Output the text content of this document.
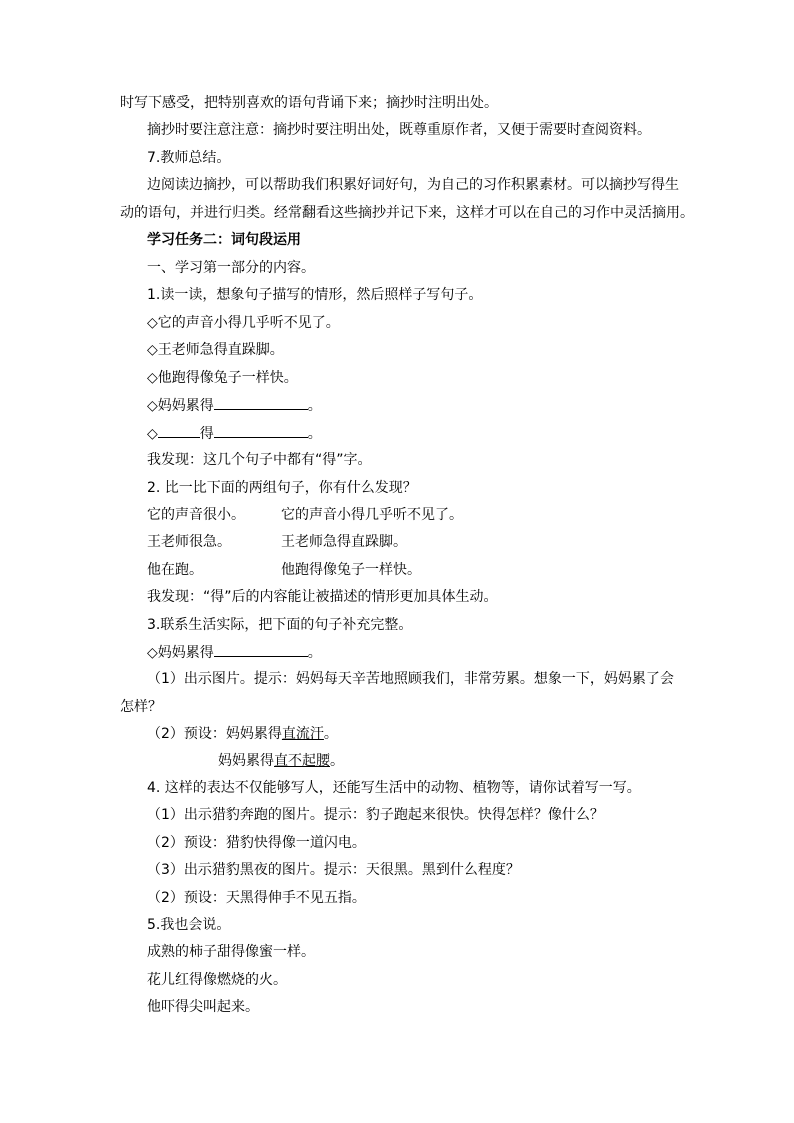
时写下感受，把特别喜欢的语句背诵下来；摘抄时注明出处。
摘抄时要注意注意：摘抄时要注明出处，既尊重原作者，又便于需要时查阅资料。
7.教师总结。
边阅读边摘抄，可以帮助我们积累好词好句，为自己的习作积累素材。可以摘抄写得生
动的语句，并进行归类。经常翻看这些摘抄并记下来，这样才可以在自己的习作中灵活摘用。
学习任务二：词句段运用
一、学习第一部分的内容。
1.读一读，想象句子描写的情形，然后照样子写句子。
◇它的声音小得几乎听不见了。
◇王老师急得直跺脚。
◇他跑得像兔子一样快。
◇妈妈累得	。
◇	得	。
我发现：这几个句子中都有“得”字。
2. 比一比下面的两组句子，你有什么发现？
它的声音很小。	它的声音小得几乎听不见了。
王老师很急。	王老师急得直跺脚。
他在跑。	他跑得像兔子一样快。
我发现：“得”后的内容能让被描述的情形更加具体生动。
3.联系生活实际，把下面的句子补充完整。
◇妈妈累得	。
（1）出示图片。提示：妈妈每天辛苦地照顾我们，非常劳累。想象一下，妈妈累了会
怎样？
（2）预设：妈妈累得直流汗。
妈妈累得直不起腰。
4. 这样的表达不仅能够写人，还能写生活中的动物、植物等，请你试着写一写。
（1）出示猎豹奔跑的图片。提示：豹子跑起来很快。快得怎样？像什么？
（2）预设：猎豹快得像一道闪电。
（3）出示猎豹黑夜的图片。提示：天很黑。黑到什么程度？
（2）预设：天黑得伸手不见五指。
5.我也会说。
成熟的柿子甜得像蜜一样。
花儿红得像燃烧的火。
他吓得尖叫起来。
